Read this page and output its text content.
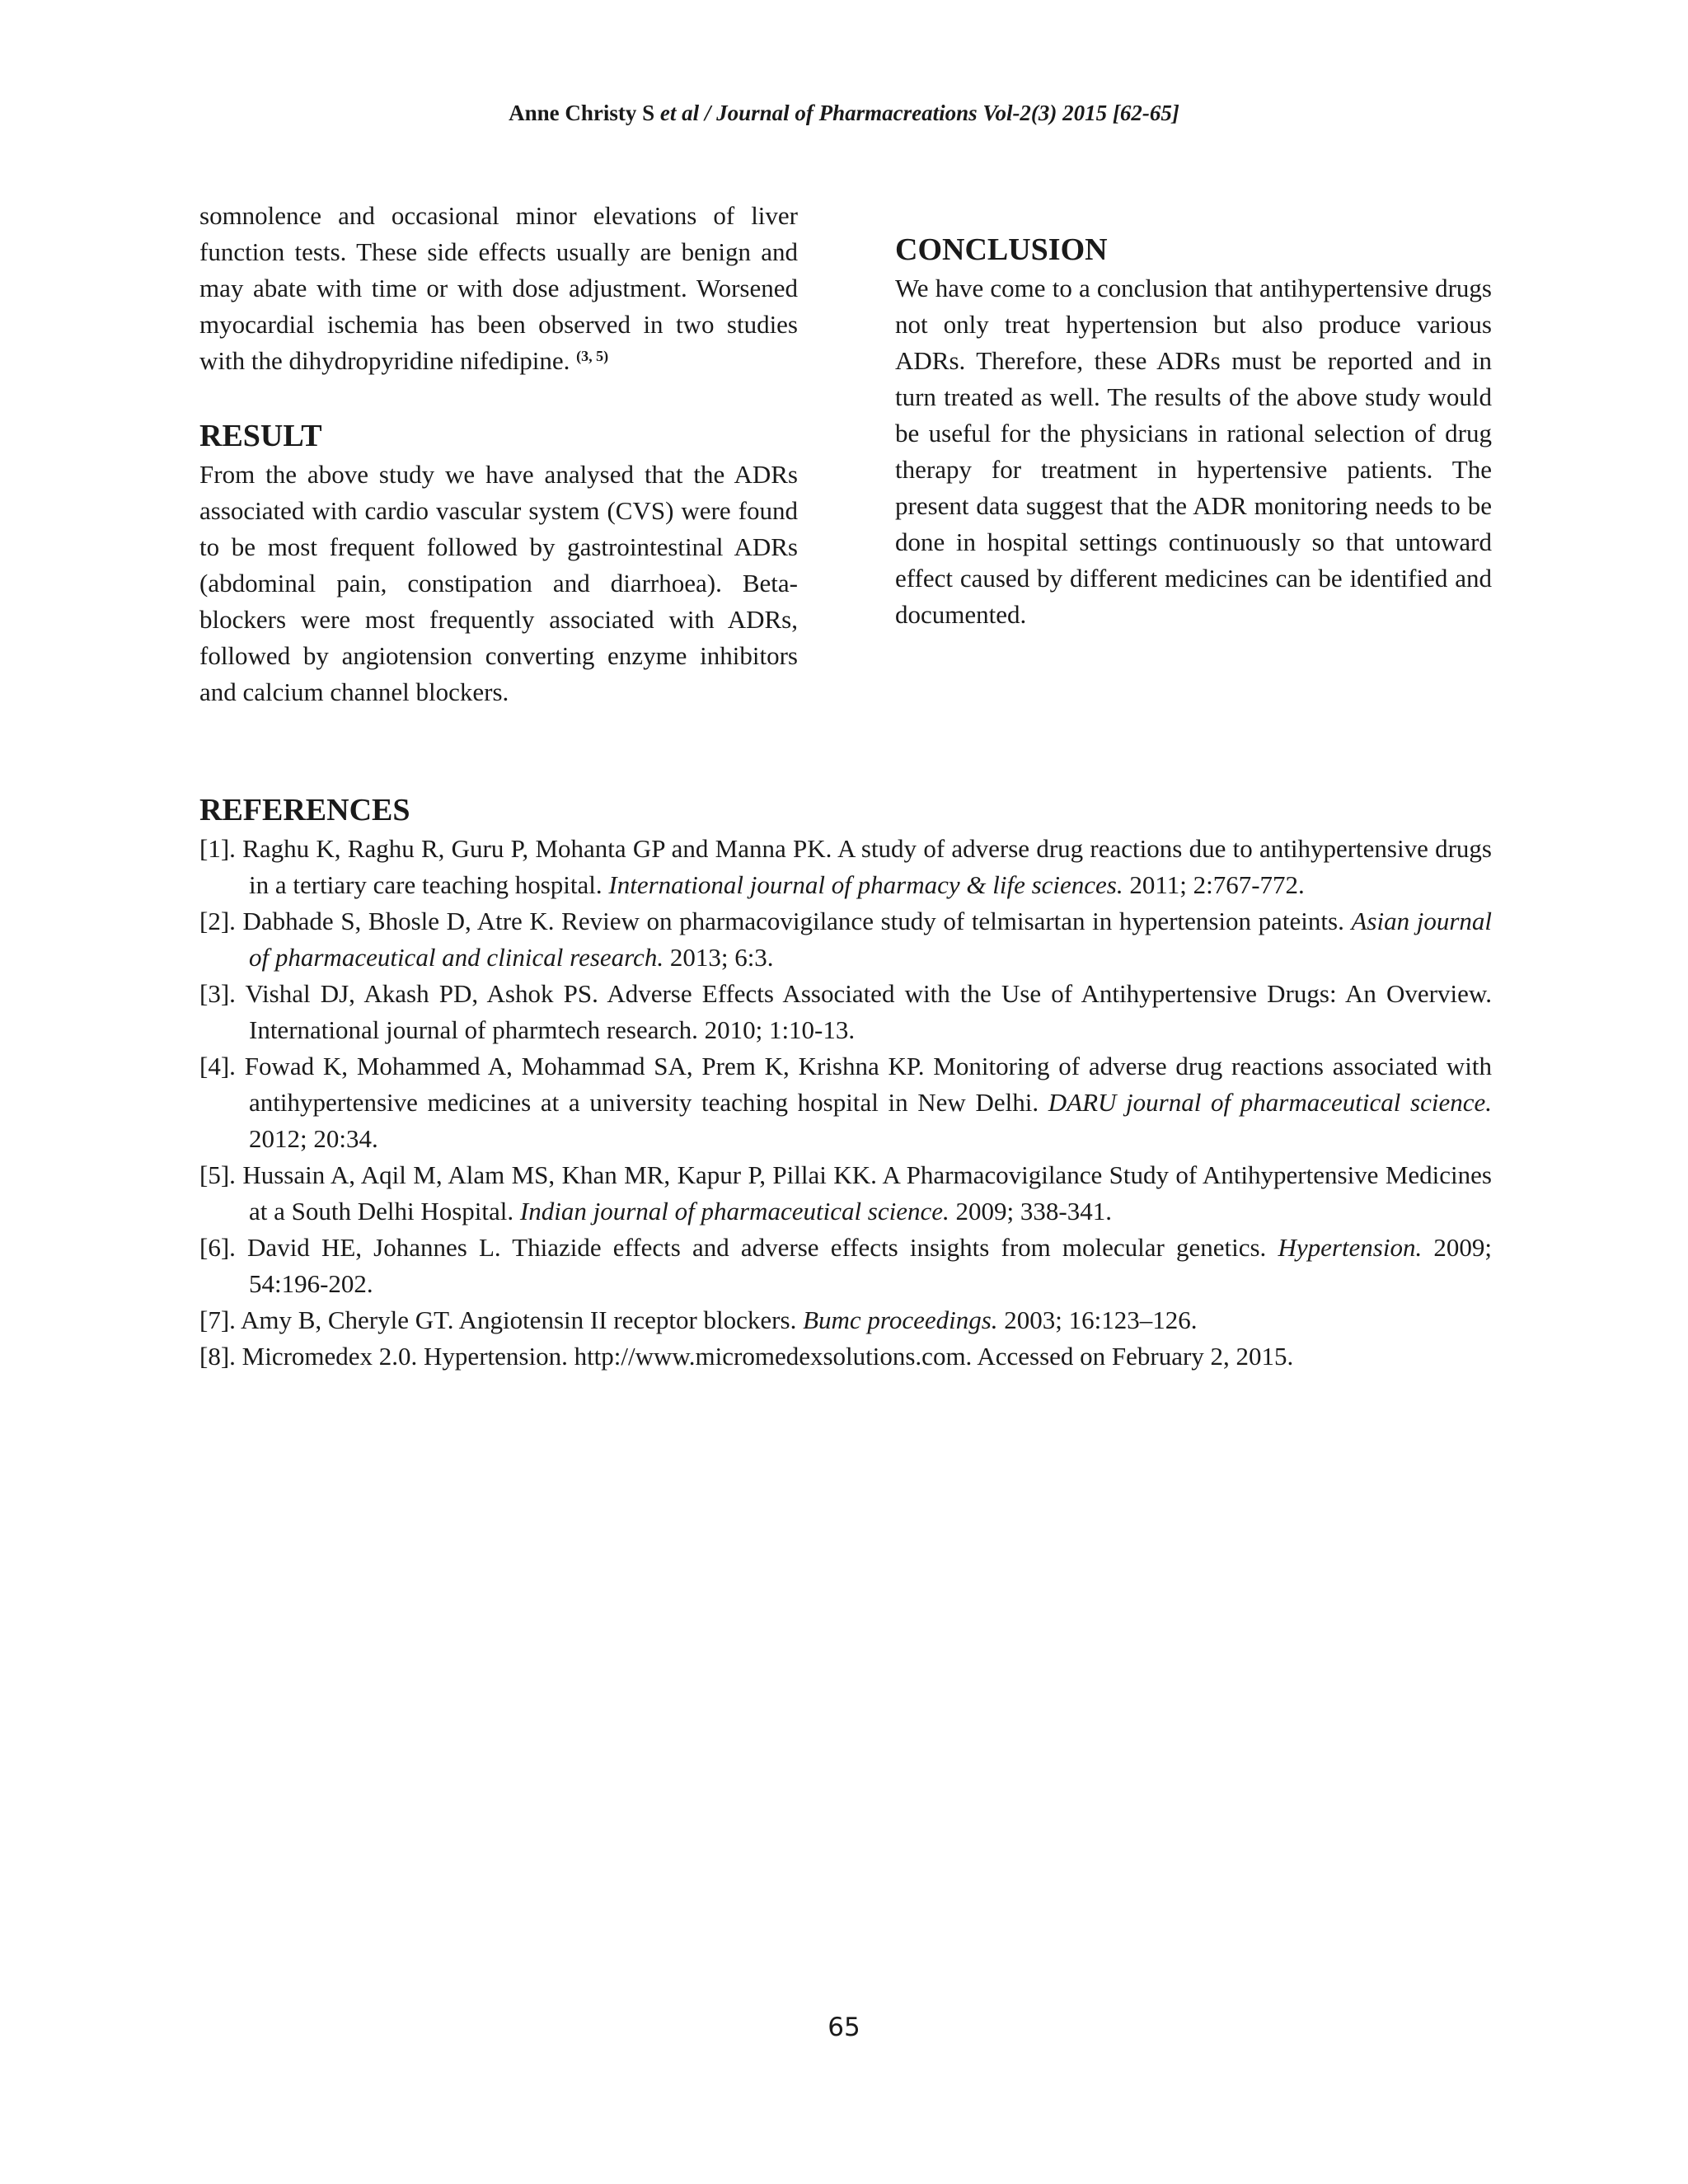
Anne Christy S et al / Journal of Pharmacreations Vol-2(3) 2015 [62-65]

somnolence and occasional minor elevations of liver function tests. These side effects usually are benign and may abate with time or with dose adjustment. Worsened myocardial ischemia has been observed in two studies with the dihydropyridine nifedipine. $^{(3, 5)}$

RESULT

From the above study we have analysed that the ADRs associated with cardio vascular system (CVS) were found to be most frequent followed by gastrointestinal ADRs (abdominal pain, constipation and diarrhoea). Beta-blockers were most frequently associated with ADRs, followed by angiotension converting enzyme inhibitors and calcium channel blockers.

CONCLUSION

We have come to a conclusion that antihypertensive drugs not only treat hypertension but also produce various ADRs. Therefore, these ADRs must be reported and in turn treated as well. The results of the above study would be useful for the physicians in rational selection of drug therapy for treatment in hypertensive patients. The present data suggest that the ADR monitoring needs to be done in hospital settings continuously so that untoward effect caused by different medicines can be identified and documented.

REFERENCES

[1]. Raghu K, Raghu R, Guru P, Mohanta GP and Manna PK. A study of adverse drug reactions due to antihypertensive drugs in a tertiary care teaching hospital. International journal of pharmacy & life sciences. 2011; 2:767-772.

[2]. Dabhade S, Bhosle D, Atre K. Review on pharmacovigilance study of telmisartan in hypertension pateints. Asian journal of pharmaceutical and clinical research. 2013; 6:3.

[3]. Vishal DJ, Akash PD, Ashok PS. Adverse Effects Associated with the Use of Antihypertensive Drugs: An Overview. International journal of pharmtech research. 2010; 1:10-13.

[4]. Fowad K, Mohammed A, Mohammad SA, Prem K, Krishna KP. Monitoring of adverse drug reactions associated with antihypertensive medicines at a university teaching hospital in New Delhi. DARU journal of pharmaceutical science. 2012; 20:34.

[5]. Hussain A, Aqil M, Alam MS, Khan MR, Kapur P, Pillai KK. A Pharmacovigilance Study of Antihypertensive Medicines at a South Delhi Hospital. Indian journal of pharmaceutical science. 2009; 338-341.

[6]. David HE, Johannes L. Thiazide effects and adverse effects insights from molecular genetics. Hypertension. 2009; 54:196-202.

[7]. Amy B, Cheryle GT. Angiotensin II receptor blockers. Bumc proceedings. 2003; 16:123–126.

[8]. Micromedex 2.0. Hypertension. http://www.micromedexsolutions.com. Accessed on February 2, 2015.

65
